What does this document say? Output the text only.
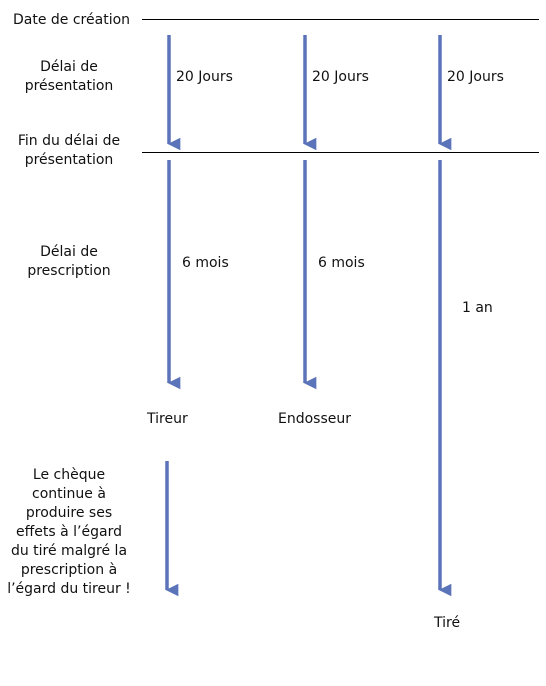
Date de création
Délai de
présentation
Fin du délai de
présentation
Délai de
prescription
Le chèque
continue à
produire ses
effets à l’égard
du tiré malgré la
prescription à
l’égard du tireur !
20 Jours	20 Jours	20 Jours
6 mois	6 mois
1 an
Tireur	Endosseur
Tiré
